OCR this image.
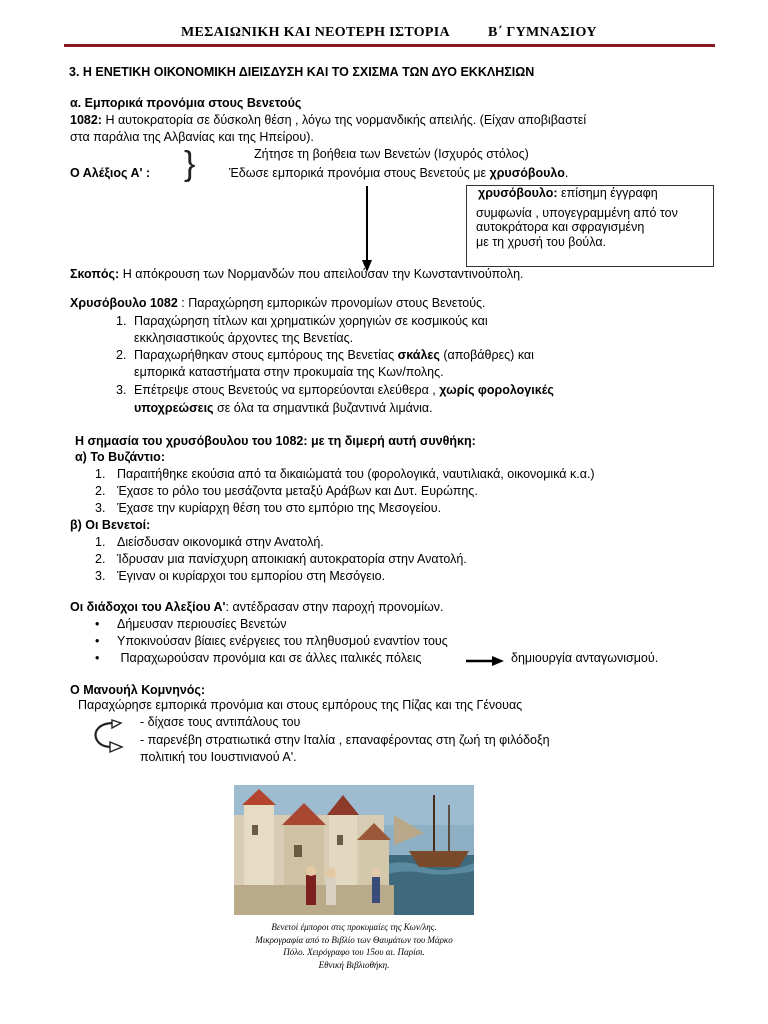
ΜΕΣΑΙΩΝΙΚΗ ΚΑΙ ΝΕΟΤΕΡΗ ΙΣΤΟΡΙΑ	Β΄ ΓΥΜΝΑΣΙΟΥ
3. Η ΕΝΕΤΙΚΗ ΟΙΚΟΝΟΜΙΚΗ ΔΙΕΙΣΔΥΣΗ ΚΑΙ ΤΟ ΣΧΙΣΜΑ ΤΩΝ ΔΥΟ ΕΚΚΛΗΣΙΩΝ
α. Εμπορικά προνόμια στους Βενετούς
1082: Η αυτοκρατορία σε δύσκολη θέση , λόγω της νορμανδικής απειλής. (Είχαν αποβιβαστεί
στα παράλια της Αλβανίας και της Ηπείρου).
Ζήτησε τη βοήθεια των Βενετών (Ισχυρός στόλος)
Ο Αλέξιος Α' : }	Έδωσε εμπορικά προνόμια στους Βενετούς με χρυσόβουλο.
χρυσόβουλο: επίσημη έγγραφη
συμφωνία , υπογεγραμμένη από τον
αυτοκράτορα και σφραγισμένη
με τη χρυσή του βούλα.
Σκοπός: Η απόκρουση των Νορμανδών που απειλούσαν την Κωνσταντινούπολη.
Χρυσόβουλο 1082 : Παραχώρηση εμπορικών προνομίων στους Βενετούς.
1. Παραχώρηση τίτλων και χρηματικών χορηγιών σε κοσμικούς και
εκκλησιαστικούς άρχοντες της Βενετίας.
2. Παραχωρήθηκαν στους εμπόρους της Βενετίας σκάλες (αποβάθρες) και
εμπορικά καταστήματα στην προκυμαία της Κων/πολης.
3. Επέτρεψε στους Βενετούς να εμπορεύονται ελεύθερα , χωρίς φορολογικές
υποχρεώσεις σε όλα τα σημαντικά βυζαντινά λιμάνια.
Η σημασία του χρυσόβουλου του 1082: με τη διμερή αυτή συνθήκη:
α) Το Βυζάντιο:
1. Παραιτήθηκε εκούσια από τα δικαιώματά του (φορολογικά, ναυτιλιακά, οικονομικά κ.α.)
2. Έχασε το ρόλο του μεσάζοντα μεταξύ Αράβων και Δυτ. Ευρώπης.
3. Έχασε την κυρίαρχη θέση του στο εμπόριο της Μεσογείου.
β) Οι Βενετοί:
1. Διείσδυσαν οικονομικά στην Ανατολή.
2. Ίδρυσαν μια πανίσχυρη αποικιακή αυτοκρατορία στην Ανατολή.
3. Έγιναν οι κυρίαρχοι του εμπορίου στη Μεσόγειο.
Οι διάδοχοι του Αλεξίου Α': αντέδρασαν στην παροχή προνομίων.
• Δήμευσαν περιουσίες Βενετών
• Υποκινούσαν βίαιες ενέργειες του πληθυσμού εναντίον τους
• Παραχωρούσαν προνόμια και σε άλλες ιταλικές πόλεις	δημιουργία ανταγωνισμού.
Ο Μανουήλ Κομνηνός:
Παραχώρησε εμπορικά προνόμια και στους εμπόρους της Πίζας και της Γένουας
- δίχασε τους αντιπάλους του
- παρενέβη στρατιωτικά στην Ιταλία , επαναφέροντας στη ζωή τη φιλόδοξη
πολιτική του Ιουστινιανού Α'.
Βενετοί έμποροι στις προκυμαίες της Κων/λης.
Μικρογραφία από το Βιβλίο των Θαυμάτων του Μάρκο
Πόλο. Χειρόγραφο του 15ου αι. Παρίσι.
Εθνική Βιβλιοθήκη.
